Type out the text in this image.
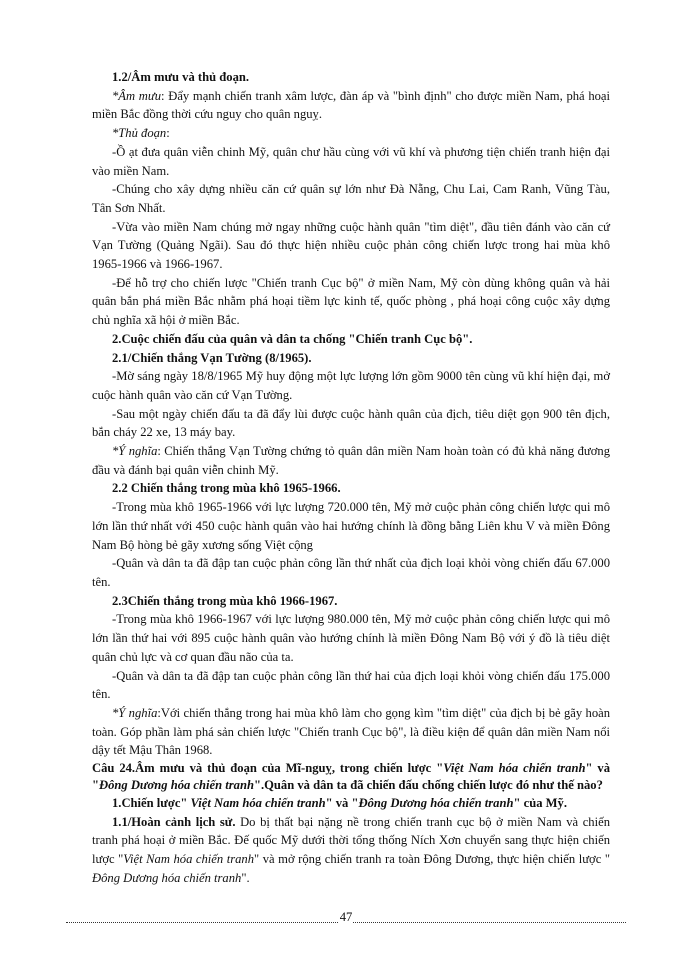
1.2/Âm mưu và thủ đoạn.

*Âm mưu: Đẩy mạnh chiến tranh xâm lược, đàn áp và "bình định" cho được miền Nam, phá hoại miền Bắc đồng thời cứu nguy cho quân nguỵ.

*Thủ đoạn:

-Ồ ạt đưa quân viễn chinh Mỹ, quân chư hầu cùng với vũ khí và phương tiện chiến tranh hiện đại vào miền Nam.

-Chúng cho xây dựng nhiều căn cứ quân sự lớn như Đà Nẵng, Chu Lai, Cam Ranh, Vũng Tàu, Tân Sơn Nhất.

-Vừa vào miền Nam chúng mở ngay những cuộc hành quân "tìm diệt", đầu tiên đánh vào căn cứ Vạn Tường (Quảng Ngãi). Sau đó thực hiện nhiều cuộc phản công chiến lược trong hai mùa khô 1965-1966 và 1966-1967.

-Để hỗ trợ cho chiến lược "Chiến tranh Cục bộ" ở miền Nam, Mỹ còn dùng không quân và hải quân bắn phá miền Bắc nhằm phá hoại tiềm lực kinh tế, quốc phòng , phá hoại công cuộc xây dựng chủ nghĩa xã hội ở miền Bắc.

2.Cuộc chiến đấu của quân và dân ta chống "Chiến tranh Cục bộ".

2.1/Chiến thắng Vạn Tường (8/1965).

-Mờ sáng ngày 18/8/1965 Mỹ huy động một lực lượng lớn gồm 9000 tên cùng vũ khí hiện đại, mở cuộc hành quân vào căn cứ Vạn Tường.

-Sau một ngày chiến đấu ta đã đẩy lùi được cuộc hành quân của địch, tiêu diệt gọn 900 tên địch, bắn cháy 22 xe, 13 máy bay.

*Ý nghĩa: Chiến thắng Vạn Tường chứng tỏ quân dân miền Nam hoàn toàn có đủ khả năng đương đầu và đánh bại quân viễn chinh Mỹ.

2.2 Chiến thắng trong mùa khô 1965-1966.

-Trong mùa khô 1965-1966 với lực lượng 720.000 tên, Mỹ mở cuộc phản công chiến lược qui mô lớn lần thứ nhất với 450 cuộc hành quân vào hai hướng chính là đồng bằng Liên khu V và miền Đông Nam Bộ hòng bẻ gãy xương sống Việt cộng

-Quân và dân ta đã đập tan cuộc phản công lần thứ nhất của địch loại khỏi vòng chiến đấu 67.000 tên.

2.3Chiến thắng trong mùa khô 1966-1967.

-Trong mùa khô 1966-1967 với lực lượng 980.000 tên, Mỹ mở cuộc phản công chiến lược qui mô lớn lần thứ hai với 895 cuộc hành quân vào hướng chính là miền Đông Nam Bộ với ý đồ là tiêu diệt quân chủ lực và cơ quan đầu não của ta.

-Quân và dân ta đã đập tan cuộc phản công lần thứ hai của địch loại khỏi vòng chiến đấu 175.000 tên.

*Ý nghĩa:Với chiến thắng trong hai mùa khô làm cho gọng kìm "tìm diệt" của địch bị bẻ gãy hoàn toàn. Góp phần làm phá sản chiến lược "Chiến tranh Cục bộ", là điều kiện để quân dân miền Nam nổi dậy tết Mậu Thân 1968.

Câu 24.Âm mưu và thủ đoạn của Mĩ-nguỵ, trong chiến lược "Việt Nam hóa chiến tranh" và "Đông Dương hóa chiến tranh".Quân và dân ta đã chiến đấu chống chiến lược đó như thế nào?

1.Chiến lược" Việt Nam hóa chiến tranh" và "Đông Dương hóa chiến tranh" của Mỹ.

1.1/Hoàn cảnh lịch sử. Do bị thất bại nặng nề trong chiến tranh cục bộ ở miền Nam và chiến tranh phá hoại ở miền Bắc. Đế quốc Mỹ dưới thời tổng thống Ních Xơn chuyển sang thực hiện chiến lược "Việt Nam hóa chiến tranh" và mở rộng chiến tranh ra toàn Đông Dương, thực hiện chiến lược " Đông Dương hóa chiến tranh".

47
